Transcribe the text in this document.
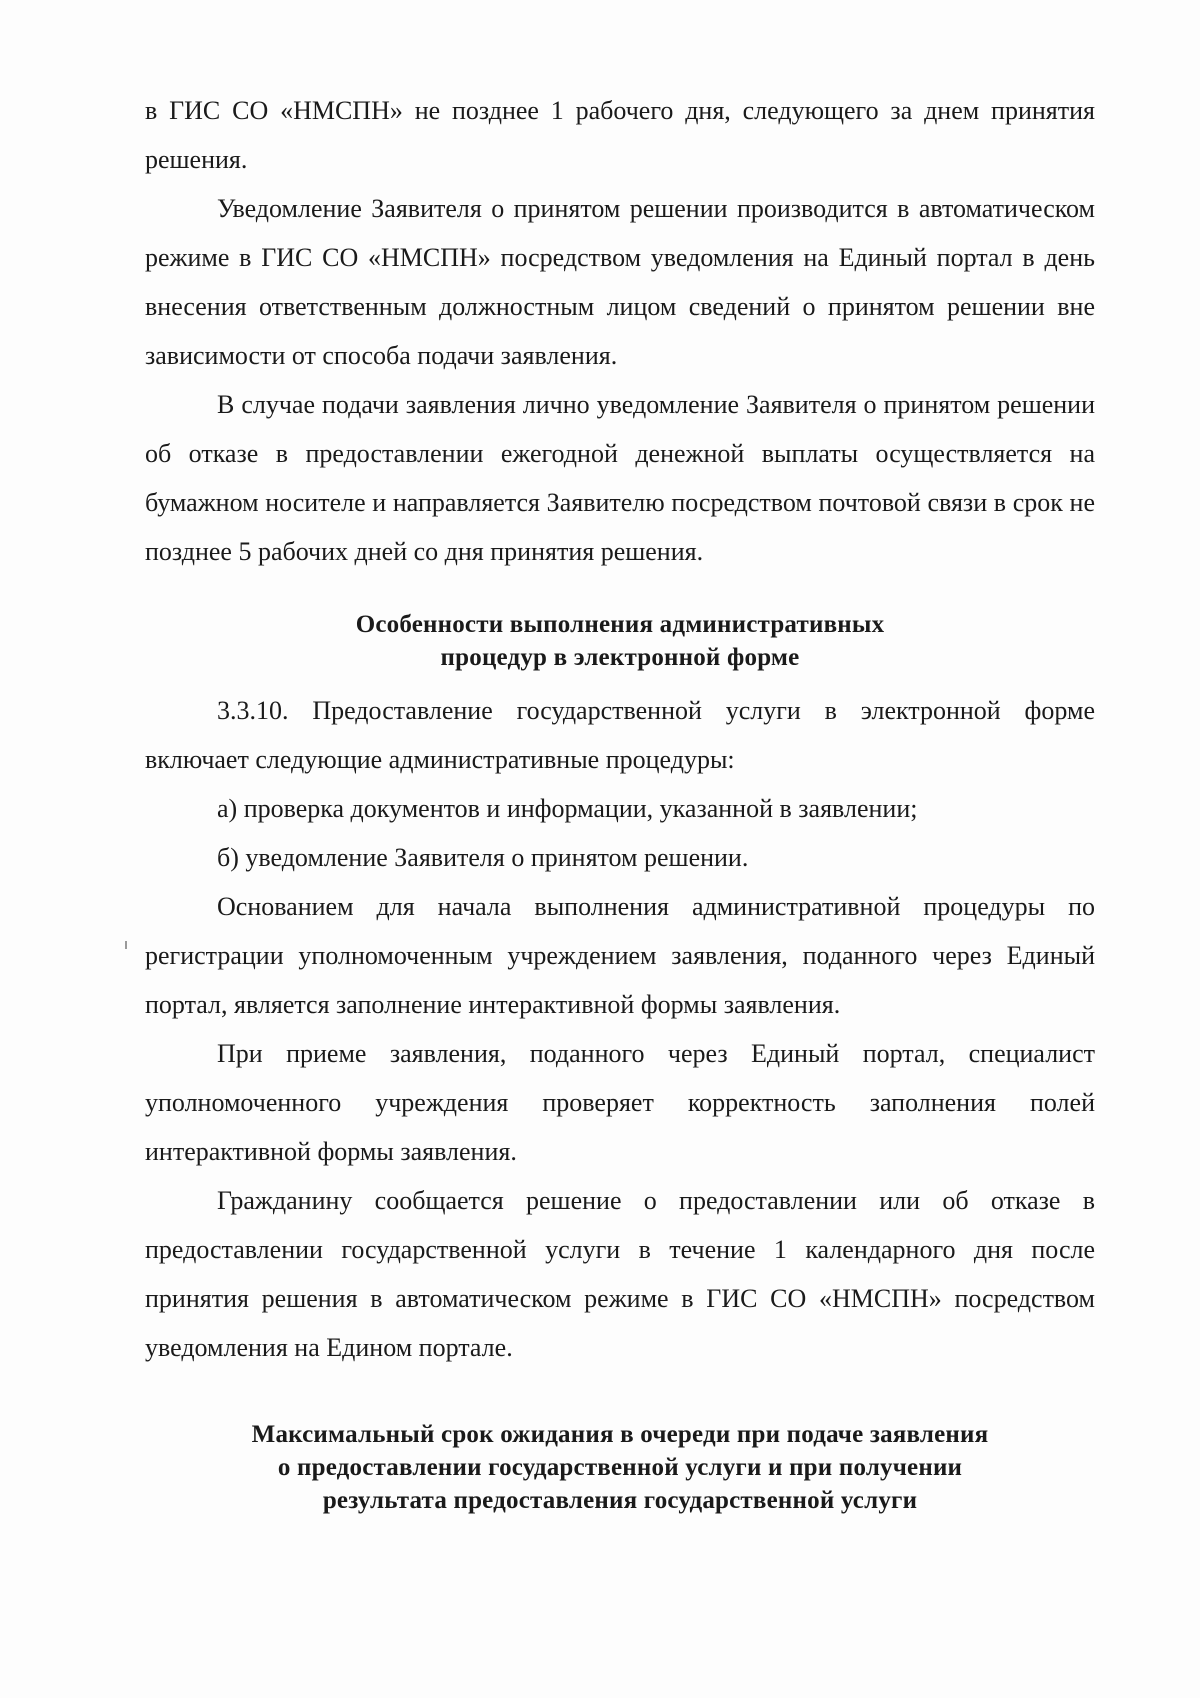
в ГИС СО «НМСПН» не позднее 1 рабочего дня, следующего за днем принятия решения.

Уведомление Заявителя о принятом решении производится в автоматическом режиме в ГИС СО «НМСПН» посредством уведомления на Единый портал в день внесения ответственным должностным лицом сведений о принятом решении вне зависимости от способа подачи заявления.

В случае подачи заявления лично уведомление Заявителя о принятом решении об отказе в предоставлении ежегодной денежной выплаты осуществляется на бумажном носителе и направляется Заявителю посредством почтовой связи в срок не позднее 5 рабочих дней со дня принятия решения.

Особенности выполнения административных
процедур в электронной форме

3.3.10. Предоставление государственной услуги в электронной форме включает следующие административные процедуры:

а) проверка документов и информации, указанной в заявлении;

б) уведомление Заявителя о принятом решении.

Основанием для начала выполнения административной процедуры по регистрации уполномоченным учреждением заявления, поданного через Единый портал, является заполнение интерактивной формы заявления.

При приеме заявления, поданного через Единый портал, специалист уполномоченного учреждения проверяет корректность заполнения полей интерактивной формы заявления.

Гражданину сообщается решение о предоставлении или об отказе в предоставлении государственной услуги в течение 1 календарного дня после принятия решения в автоматическом режиме в ГИС СО «НМСПН» посредством уведомления на Едином портале.

Максимальный срок ожидания в очереди при подаче заявления
о предоставлении государственной услуги и при получении
результата предоставления государственной услуги
